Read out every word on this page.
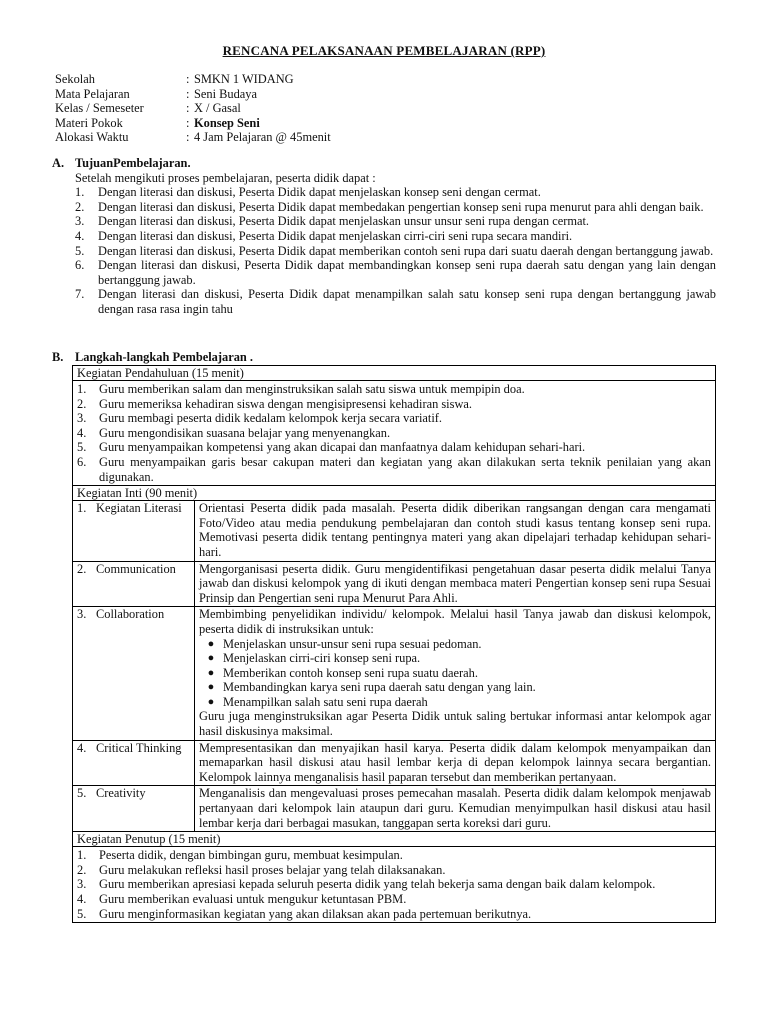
RENCANA PELAKSANAAN PEMBELAJARAN (RPP)
Sekolah	: SMKN 1 WIDANG
Mata Pelajaran	: Seni Budaya
Kelas / Semeseter	: X / Gasal
Materi Pokok	: Konsep Seni
Alokasi Waktu	: 4 Jam Pelajaran @ 45menit
A. TujuanPembelajaran.
Setelah mengikuti proses pembelajaran, peserta didik dapat :
1.	Dengan literasi dan diskusi, Peserta Didik dapat menjelaskan konsep seni dengan cermat.
2.	Dengan literasi dan diskusi, Peserta Didik dapat membedakan pengertian konsep seni rupa menurut para ahli dengan baik.
3.	Dengan literasi dan diskusi, Peserta Didik dapat menjelaskan unsur unsur seni rupa dengan cermat.
4.	Dengan literasi dan diskusi, Peserta Didik dapat menjelaskan cirri-ciri seni rupa secara mandiri.
5.	Dengan literasi dan diskusi, Peserta Didik dapat memberikan contoh seni rupa dari suatu daerah dengan bertanggung jawab.
6.	Dengan literasi dan diskusi, Peserta Didik dapat membandingkan konsep seni rupa daerah satu dengan yang lain dengan bertanggung jawab.
7.	Dengan literasi dan diskusi, Peserta Didik dapat menampilkan salah satu konsep seni rupa dengan bertanggung jawab dengan rasa rasa ingin tahu
B. Langkah-langkah Pembelajaran .
Kegiatan Pendahuluan (15 menit)
1.	Guru memberikan salam dan menginstruksikan salah satu siswa untuk mempipin doa.
2.	Guru memeriksa kehadiran siswa dengan mengisipresensi kehadiran siswa.
3.	Guru membagi peserta didik kedalam kelompok kerja secara variatif.
4.	Guru mengondisikan suasana belajar yang menyenangkan.
5.	Guru menyampaikan kompetensi yang akan dicapai dan manfaatnya dalam kehidupan sehari-hari.
6.	Guru menyampaikan garis besar cakupan materi dan kegiatan yang akan dilakukan serta teknik penilaian yang akan digunakan.
Kegiatan Inti (90 menit)
1. Kegiatan Literasi	Orientasi Peserta didik pada masalah. Peserta didik diberikan rangsangan dengan cara mengamati Foto/Video atau media pendukung pembelajaran dan contoh studi kasus tentang konsep seni rupa. Memotivasi peserta didik tentang pentingnya materi yang akan dipelajari terhadap kehidupan sehari-hari.
2. Communication	Mengorganisasi peserta didik. Guru mengidentifikasi pengetahuan dasar peserta didik melalui Tanya jawab dan diskusi kelompok yang di ikuti dengan membaca materi Pengertian konsep seni rupa Sesuai Prinsip dan Pengertian seni rupa Menurut Para Ahli.
3. Collaboration	Membimbing penyelidikan individu/ kelompok. Melalui hasil Tanya jawab dan diskusi kelompok, peserta didik di instruksikan untuk:
● Menjelaskan unsur-unsur seni rupa sesuai pedoman.
● Menjelaskan cirri-ciri konsep seni rupa.
● Memberikan contoh konsep seni rupa suatu daerah.
● Membandingkan karya seni rupa daerah satu dengan yang lain.
● Menampilkan salah satu seni rupa daerah
Guru juga menginstruksikan agar Peserta Didik untuk saling bertukar informasi antar kelompok agar hasil diskusinya maksimal.
4. Critical Thinking	Mempresentasikan dan menyajikan hasil karya. Peserta didik dalam kelompok menyampaikan dan memaparkan hasil diskusi atau hasil lembar kerja di depan kelompok lainnya secara bergantian. Kelompok lainnya menganalisis hasil paparan tersebut dan memberikan pertanyaan.
5. Creativity	Menganalisis dan mengevaluasi proses pemecahan masalah. Peserta didik dalam kelompok menjawab pertanyaan dari kelompok lain ataupun dari guru. Kemudian menyimpulkan hasil diskusi atau hasil lembar kerja dari berbagai masukan, tanggapan serta koreksi dari guru.
Kegiatan Penutup (15 menit)
1.	Peserta didik, dengan bimbingan guru, membuat kesimpulan.
2.	Guru melakukan refleksi hasil proses belajar yang telah dilaksanakan.
3.	Guru memberikan apresiasi kepada seluruh peserta didik yang telah bekerja sama dengan baik dalam kelompok.
4.	Guru memberikan evaluasi untuk mengukur ketuntasan PBM.
5.	Guru menginformasikan kegiatan yang akan dilaksan akan pada pertemuan berikutnya.
